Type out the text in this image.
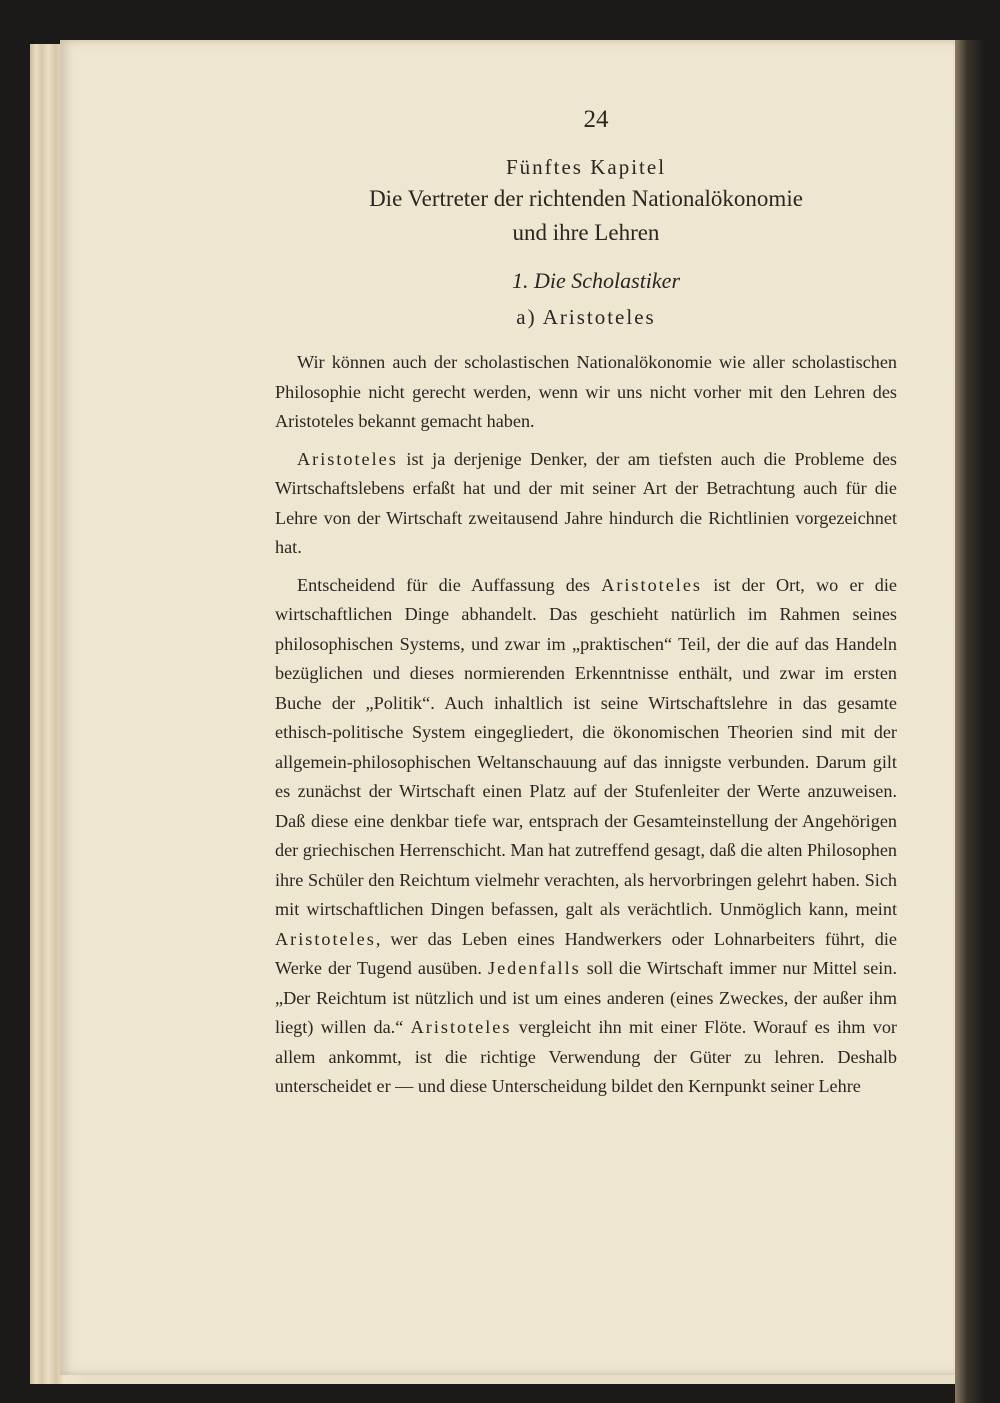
24
Fünftes Kapitel
Die Vertreter der richtenden Nationalökonomie
und ihre Lehren
1. Die Scholastiker
a) Aristoteles

Wir können auch der scholastischen Nationalökonomie wie aller scholastischen Philosophie nicht gerecht werden, wenn wir uns nicht vorher mit den Lehren des Aristoteles bekannt gemacht haben.

Aristoteles ist ja derjenige Denker, der am tiefsten auch die Probleme des Wirtschaftslebens erfaßt hat und der mit seiner Art der Betrachtung auch für die Lehre von der Wirtschaft zweitausend Jahre hindurch die Richtlinien vorgezeichnet hat.

Entscheidend für die Auffassung des Aristoteles ist der Ort, wo er die wirtschaftlichen Dinge abhandelt. Das geschieht natürlich im Rahmen seines philosophischen Systems, und zwar im „praktischen“ Teil, der die auf das Handeln bezüglichen und dieses normierenden Erkenntnisse enthält, und zwar im ersten Buche der „Politik“. Auch inhaltlich ist seine Wirtschaftslehre in das gesamte ethisch-politische System eingegliedert, die ökonomischen Theorien sind mit der allgemein-philosophischen Weltanschauung auf das innigste verbunden. Darum gilt es zunächst der Wirtschaft einen Platz auf der Stufenleiter der Werte anzuweisen. Daß diese eine denkbar tiefe war, entsprach der Gesamteinstellung der Angehörigen der griechischen Herrenschicht. Man hat zutreffend gesagt, daß die alten Philosophen ihre Schüler den Reichtum vielmehr verachten, als hervorbringen gelehrt haben. Sich mit wirtschaftlichen Dingen befassen, galt als verächtlich. Unmöglich kann, meint Aristoteles, wer das Leben eines Handwerkers oder Lohnarbeiters führt, die Werke der Tugend ausüben. Jedenfalls soll die Wirtschaft immer nur Mittel sein. „Der Reichtum ist nützlich und ist um eines anderen (eines Zweckes, der außer ihm liegt) willen da.“ Aristoteles vergleicht ihn mit einer Flöte. Worauf es ihm vor allem ankommt, ist die richtige Verwendung der Güter zu lehren. Deshalb unterscheidet er — und diese Unterscheidung bildet den Kernpunkt seiner Lehre
